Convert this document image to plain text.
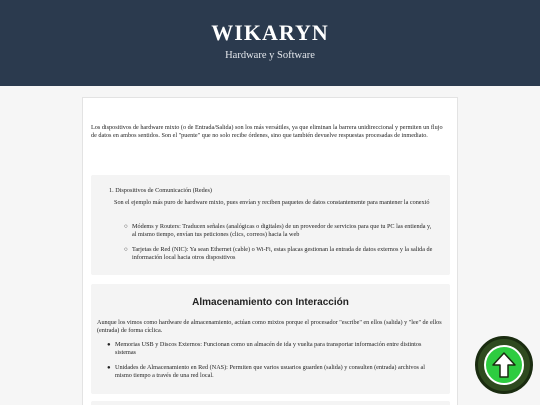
WIKARYN
Hardware y Software

Los dispositivos de hardware mixto (o de Entrada/Salida) son los más versátiles, ya que eliminan la barrera unidireccional y permiten un flujo de datos en ambos sentidos. Son el "puente" que no solo recibe órdenes, sino que también devuelve respuestas procesadas de inmediato.

1. Dispositivos de Comunicación (Redes)

Son el ejemplo más puro de hardware mixto, pues envían y reciben paquetes de datos constantemente para mantener la conexió

○ Módems y Routers: Traducen señales (analógicas o digitales) de un proveedor de servicios para que tu PC las entienda y, al mismo tiempo, envían tus peticiones (clics, correos) hacia la web
○ Tarjetas de Red (NIC): Ya sean Ethernet (cable) o Wi-Fi, estas placas gestionan la entrada de datos externos y la salida de información local hacia otros dispositivos
Almacenamiento con Interacción

Aunque los vimos como hardware de almacenamiento, actúan como mixtos porque el procesador "escribe" en ellos (salida) y "lee" de ellos (entrada) de forma cíclica.

● Memorias USB y Discos Externos: Funcionan como un almacén de ida y vuelta para transportar información entre distintos sistemas
● Unidades de Almacenamiento en Red (NAS): Permiten que varios usuarios guarden (salida) y consulten (entrada) archivos al mismo tiempo a través de una red local.
